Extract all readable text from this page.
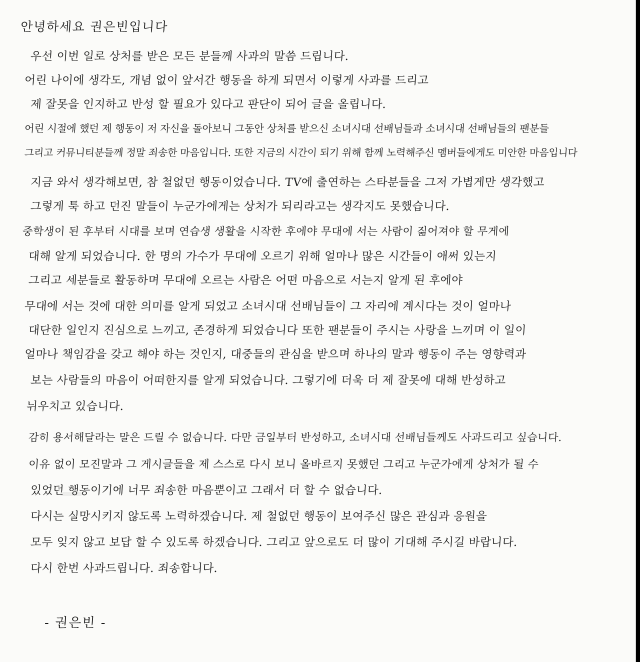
안녕하세요 권은빈입니다
우선 이번 일로 상처를 받은 모든 분들께 사과의 말씀 드립니다.
어린 나이에 생각도, 개념 없이 앞서간 행동을 하게 되면서 이렇게 사과를 드리고
제 잘못을 인지하고 반성 할 필요가 있다고 판단이 되어 글을 올립니다.
어린 시절에 했던 제 행동이 저 자신을 돌아보니 그동안 상처를 받으신 소녀시대 선배님들과 소녀시대 선배님들의 팬분들
그리고 커뮤니티분들께 정말 죄송한 마음입니다. 또한 지금의 시간이 되기 위해 함께 노력해주신 멤버들에게도 미안한 마음입니다
지금 와서 생각해보면, 참 철없던 행동이었습니다. TV에 출연하는 스타분들을 그저 가볍게만 생각했고
그렇게 툭 하고 던진 말들이 누군가에게는 상처가 되리라고는 생각지도 못했습니다.
중학생이 된 후부터 시대를 보며 연습생 생활을 시작한 후에야 무대에 서는 사람이 짊어져야 할 무게에
대해 알게 되었습니다. 한 명의 가수가 무대에 오르기 위해 얼마나 많은 시간들이 애써 있는지
그리고 세분들로 활동하며 무대에 오르는 사람은 어떤 마음으로 서는지 알게 된 후에야
무대에 서는 것에 대한 의미를 알게 되었고 소녀시대 선배님들이 그 자리에 계시다는 것이 얼마나
대단한 일인지 진심으로 느끼고, 존경하게 되었습니다 또한 팬분들이 주시는 사랑을 느끼며 이 일이
얼마나 책임감을 갖고 해야 하는 것인지, 대중들의 관심을 받으며 하나의 말과 행동이 주는 영향력과
보는 사람들의 마음이 어떠한지를 알게 되었습니다. 그렇기에 더욱 더 제 잘못에 대해 반성하고
뉘우치고 있습니다.
감히 용서해달라는 말은 드릴 수 없습니다. 다만 금일부터 반성하고, 소녀시대 선배님들께도 사과드리고 싶습니다.
이유 없이 모진말과 그 게시글들을 제 스스로 다시 보니 올바르지 못했던 그리고 누군가에게 상처가 될 수
있었던 행동이기에 너무 죄송한 마음뿐이고 그래서 더 할 수 없습니다.
다시는 실망시키지 않도록 노력하겠습니다. 제 철없던 행동이 보여주신 많은 관심과 응원을
모두 잊지 않고 보답 할 수 있도록 하겠습니다. 그리고 앞으로도 더 많이 기대해 주시길 바랍니다.
다시 한번 사과드립니다. 죄송합니다.
- 권은빈 -
